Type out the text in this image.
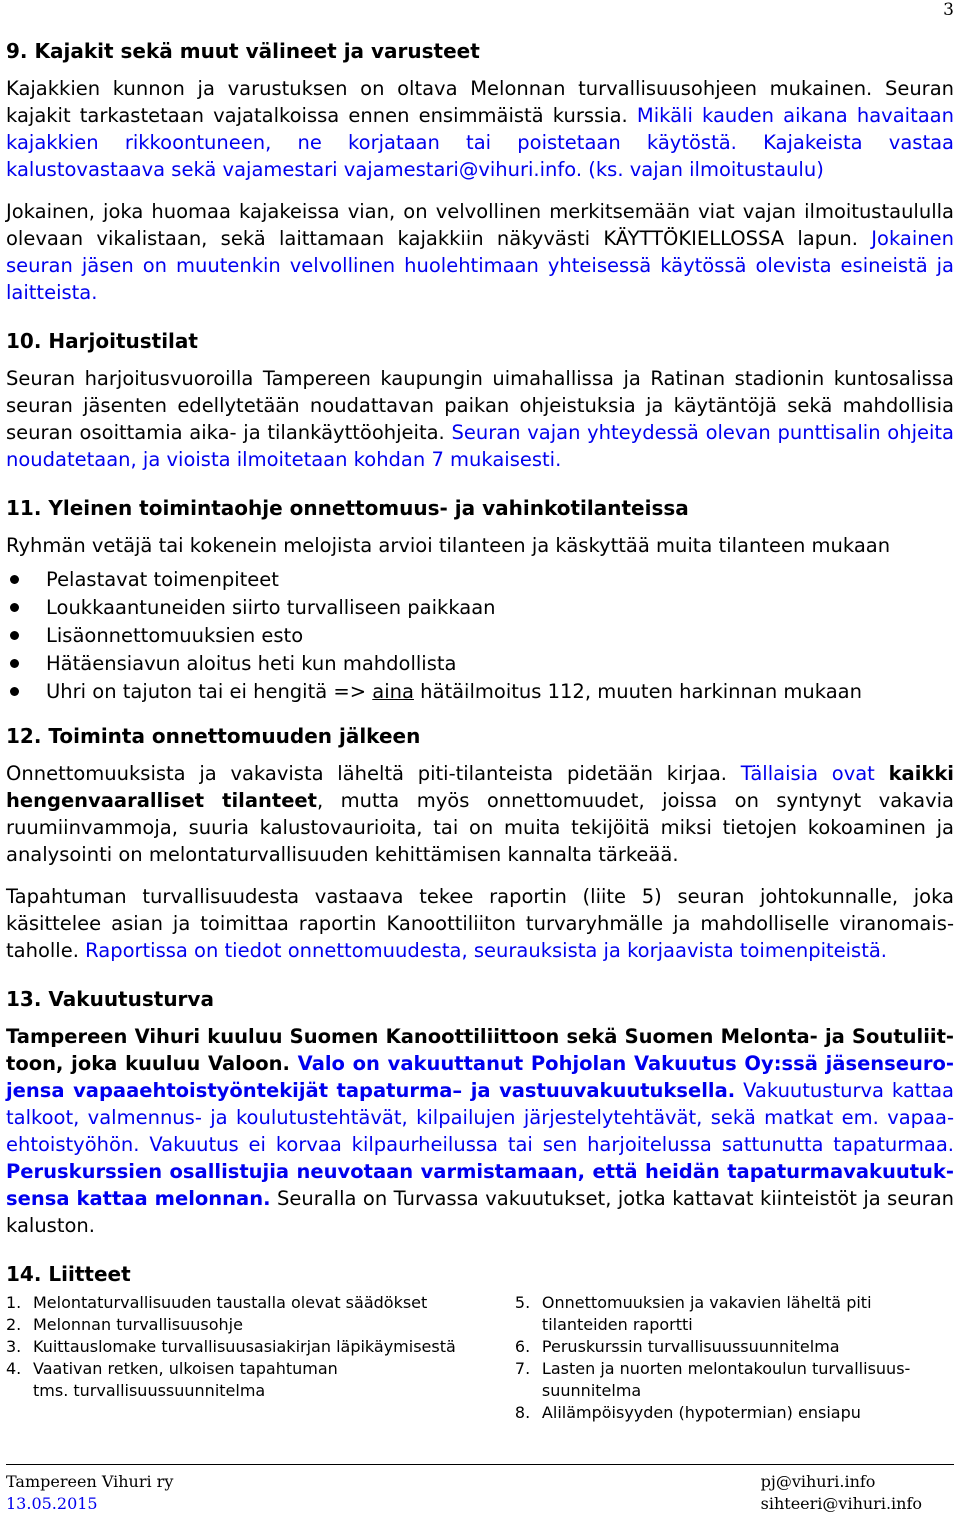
3
9. Kajakit sekä muut välineet ja varusteet

Kajakkien kunnon ja varustuksen on oltava Melonnan turvallisuusohjeen mukainen. Seuran kajakit tarkastetaan vajatalkoissa ennen ensimmäistä kurssia. Mikäli kauden aikana havaitaan kajakkien rikkoontuneen, ne korjataan tai poistetaan käytöstä. Kajakeista vastaa kalustovastaava sekä vajamestari vajamestari@vihuri.info. (ks. vajan ilmoitustaulu)

Jokainen, joka huomaa kajakeissa vian, on velvollinen merkitsemään viat vajan ilmoitustaululla olevaan vikalistaan, sekä laittamaan kajakkiin näkyvästi KÄYTTÖKIELLOSSA lapun. Jokainen seuran jäsen on muutenkin velvollinen huolehtimaan yhteisessä käytössä olevista esineistä ja laitteista.

10. Harjoitustilat

Seuran harjoitusvuoroilla Tampereen kaupungin uimahallissa ja Ratinan stadionin kuntosalissa seuran jäsenten edellytetään noudattavan paikan ohjeistuksia ja käytäntöjä sekä mahdollisia seuran osoittamia aika- ja tilankäyttöohjeita. Seuran vajan yhteydessä olevan punttisalin ohjeita noudatetaan, ja vioista ilmoitetaan kohdan 7 mukaisesti.

11. Yleinen toimintaohje onnettomuus- ja vahinkotilanteissa

Ryhmän vetäjä tai kokenein melojista arvioi tilanteen ja käskyttää muita tilanteen mukaan

Pelastavat toimenpiteet
Loukkaantuneiden siirto turvalliseen paikkaan
Lisäonnettomuuksien esto
Hätäensiavun aloitus heti kun mahdollista
Uhri on tajuton tai ei hengitä => aina hätäilmoitus 112, muuten harkinnan mukaan
12. Toiminta onnettomuuden jälkeen

Onnettomuuksista ja vakavista läheltä piti-tilanteista pidetään kirjaa. Tällaisia ovat kaikki hengenvaaralliset tilanteet, mutta myös onnettomuudet, joissa on syntynyt vakavia ruumiinvammoja, suuria kalustovaurioita, tai on muita tekijöitä miksi tietojen kokoaminen ja analysointi on melontaturvallisuuden kehittämisen kannalta tärkeää.

Tapahtuman turvallisuudesta vastaava tekee raportin (liite 5) seuran johtokunnalle, joka käsittelee asian ja toimittaa raportin Kanoottiliiton turvaryhmälle ja mahdolliselle viranomais-taholle. Raportissa on tiedot onnettomuudesta, seurauksista ja korjaavista toimenpiteistä.

13. Vakuutusturva

Tampereen Vihuri kuuluu Suomen Kanoottiliittoon sekä Suomen Melonta- ja Soutuliit-toon, joka kuuluu Valoon. Valo on vakuuttanut Pohjolan Vakuutus Oy:ssä jäsenseuro-jensa vapaaehtoistyöntekijät tapaturma– ja vastuuvakuutuksella. Vakuutusturva kattaa talkoot, valmennus- ja koulutustehtävät, kilpailujen järjestelytehtävät, sekä matkat em. vapaa-ehtoistyöhön. Vakuutus ei korvaa kilpaurheilussa tai sen harjoitelussa sattunutta tapaturmaa. Peruskurssien osallistujia neuvotaan varmistamaan, että heidän tapaturmavakuutuk-sensa kattaa melonnan. Seuralla on Turvassa vakuutukset, jotka kattavat kiinteistöt ja seuran kaluston.

14. Liitteet
1. Melontaturvallisuuden taustalla olevat säädökset
2. Melonnan turvallisuusohje
3. Kuittauslomake turvallisuusasiakirjan läpikäymisestä
4. Vaativan retken, ulkoisen tapahtuman tms. turvallisuussuunnitelma
5. Onnettomuuksien ja vakavien läheltä piti tilanteiden raportti
6. Peruskurssin turvallisuussuunnitelma
7. Lasten ja nuorten melontakoulun turvallisuus-suunnitelma
8. Alilämpöisyyden (hypotermian) ensiapu
Tampereen Vihuri ry
13.05.2015
pj@vihuri.info
sihteeri@vihuri.info
